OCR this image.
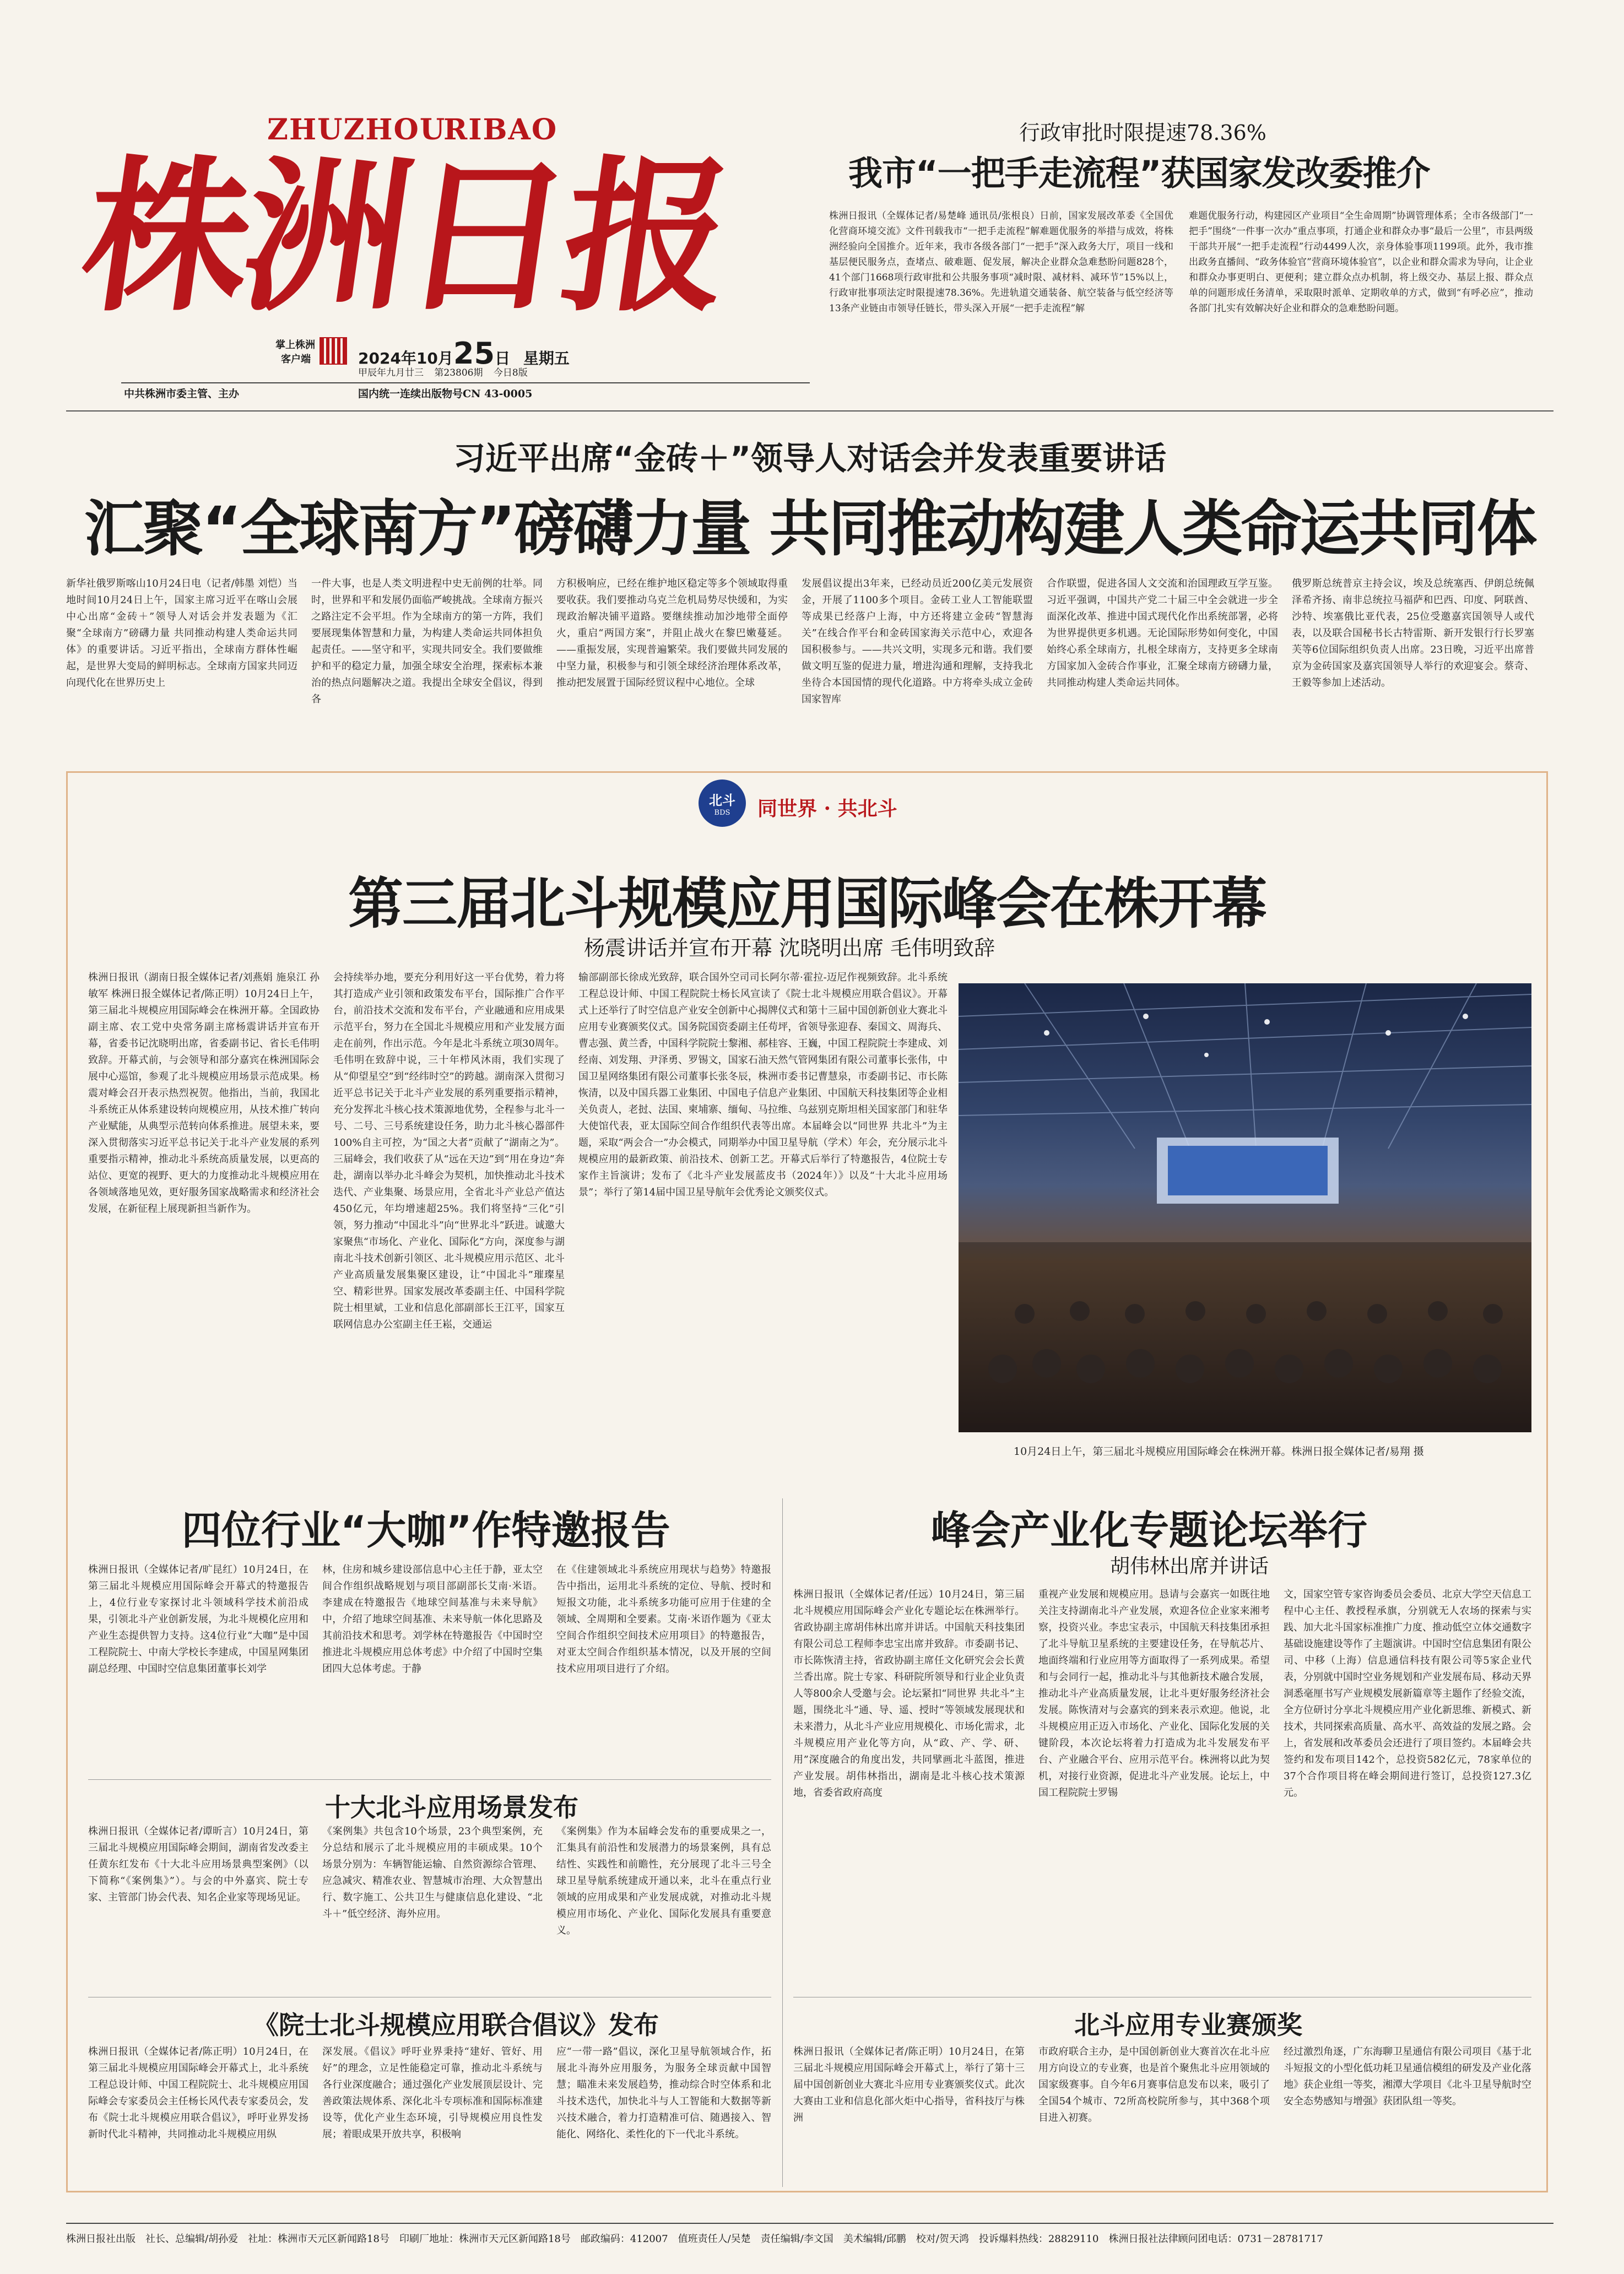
ZHUZHOU
RIBAO
株洲日报
掌上株洲
客户端	2024年10月25日 星期五
甲辰年九月廿三 第23806期 今日8版
中共株洲市委主管、主办	国内统一连续出版物号CN 43-0005
行政审批时限提速78.36%
我市“一把手走流程”获国家发改委推介
株洲日报讯（全媒体记者/易楚峰 通讯员/张根良）日前，国家发展改革委《全国优化营商环境交流》文件刊载我市“一把手走流程”解难题优服务的举措与成效，将株洲经验向全国推介。近年来，我市各级各部门“一把手”深入政务大厅，项目一线和基层便民服务点，查堵点、破难题、促发展，解决企业群众急难愁盼问题828个，41个部门1668项行政审批和公共服务事项“减时限、减材料、减环节”15%以上，行政审批事项法定时限提速78.36%。先进轨道交通装备、航空装备与低空经济等13条产业链由市领导任链长，带头深入开展“一把手走流程”解
难题优服务行动，构建园区产业项目“全生命周期”协调管理体系；全市各级部门“一把手”围绕“一件事一次办”重点事项，打通企业和群众办事“最后一公里”，市县两级干部共开展“一把手走流程”行动4499人次，亲身体验事项1199项。此外，我市推出政务直播间、“政务体验官”营商环境体验官”，以企业和群众需求为导向，让企业和群众办事更明白、更便利；建立群众点办机制，将上级交办、基层上报、群众点单的问题形成任务清单，采取限时派单、定期收单的方式，做到“有呼必应”，推动各部门扎实有效解决好企业和群众的急难愁盼问题。
习近平出席“金砖＋”领导人对话会并发表重要讲话
汇聚“全球南方”磅礴力量 共同推动构建人类命运共同体
新华社俄罗斯喀山10月24日电（记者/韩墨 刘恺）当地时间10月24日上午，国家主席习近平在喀山会展中心出席“金砖＋”领导人对话会并发表题为《汇聚“全球南方”磅礴力量 共同推动构建人类命运共同体》的重要讲话。习近平指出，全球南方群体性崛起，是世界大变局的鲜明标志。全球南方国家共同迈向现代化在世界历史上
一件大事，也是人类文明进程中史无前例的壮举。同时，世界和平和发展仍面临严峻挑战。全球南方振兴之路注定不会平坦。作为全球南方的第一方阵，我们要展现集体智慧和力量，为构建人类命运共同体担负起责任。——坚守和平，实现共同安全。我们要做维护和平的稳定力量，加强全球安全治理，探索标本兼治的热点问题解决之道。我提出全球安全倡议，得到各
方积极响应，已经在维护地区稳定等多个领域取得重要收获。我们要推动乌克兰危机局势尽快缓和，为实现政治解决铺平道路。要继续推动加沙地带全面停火，重启“两国方案”，并阻止战火在黎巴嫩蔓延。——重振发展，实现普遍繁荣。我们要做共同发展的中坚力量，积极参与和引领全球经济治理体系改革，推动把发展置于国际经贸议程中心地位。全球
发展倡议提出3年来，已经动员近200亿美元发展资金，开展了1100多个项目。金砖工业人工智能联盟等成果已经落户上海，中方还将建立金砖“智慧海关”在线合作平台和金砖国家海关示范中心，欢迎各国积极参与。——共兴文明，实现多元和谐。我们要做文明互鉴的促进力量，增进沟通和理解，支持我北坐待合本国国情的现代化道路。中方将牵头成立金砖国家智库
合作联盟，促进各国人文交流和治国理政互学互鉴。习近平强调，中国共产党二十届三中全会就进一步全面深化改革、推进中国式现代化作出系统部署，必将为世界提供更多机遇。无论国际形势如何变化，中国始终心系全球南方，扎根全球南方，支持更多全球南方国家加入金砖合作事业，汇聚全球南方磅礴力量，共同推动构建人类命运共同体。
俄罗斯总统普京主持会议，埃及总统塞西、伊朗总统佩泽希齐扬、南非总统拉马福萨和巴西、印度、阿联酋、沙特、埃塞俄比亚代表，25位受邀嘉宾国领导人或代表，以及联合国秘书长古特雷斯、新开发银行行长罗塞芙等6位国际组织负责人出席。23日晚，习近平出席普京为金砖国家及嘉宾国领导人举行的欢迎宴会。蔡奇、王毅等参加上述活动。
北斗
BDS	同世界 · 共北斗
第三届北斗规模应用国际峰会在株开幕
杨震讲话并宣布开幕 沈晓明出席 毛伟明致辞
株洲日报讯（湖南日报全媒体记者/刘燕娟 施泉江 孙敏军 株洲日报全媒体记者/陈正明）10月24日上午，第三届北斗规模应用国际峰会在株洲开幕。全国政协副主席、农工党中央常务副主席杨震讲话并宣布开幕，省委书记沈晓明出席，省委副书记、省长毛伟明致辞。开幕式前，与会领导和部分嘉宾在株洲国际会展中心巡馆，参观了北斗规模应用场景示范成果。杨震对峰会召开表示热烈祝贺。他指出，当前，我国北斗系统正从体系建设转向规模应用，从技术推广转向产业赋能，从典型示范转向体系推进。展望未来，要深入贯彻落实习近平总书记关于北斗产业发展的系列重要指示精神，推动北斗系统高质量发展，以更高的站位、更宽的视野、更大的力度推动北斗规模应用在各领域落地见效，更好服务国家战略需求和经济社会发展，在新征程上展现新担当新作为。
会持续举办地，要充分利用好这一平台优势，着力将其打造成产业引领和政策发布平台，国际推广合作平台，前沿技术交流和发布平台，产业融通和应用成果示范平台，努力在全国北斗规模应用和产业发展方面走在前列，作出示范。今年是北斗系统立项30周年。毛伟明在致辞中说，三十年栉风沐雨，我们实现了从“仰望星空”到“经纬时空”的跨越。湖南深入贯彻习近平总书记关于北斗产业发展的系列重要指示精神，充分发挥北斗核心技术策源地优势，全程参与北斗一号、二号、三号系统建设任务，助力北斗核心器部件100%自主可控，为“国之大者”贡献了“湖南之为”。三届峰会，我们收获了从“远在天边”到“用在身边”奔赴，湖南以举办北斗峰会为契机，加快推动北斗技术迭代、产业集聚、场景应用，全省北斗产业总产值达450亿元，年均增速超25%。我们将坚持“三化”引领，努力推动“中国北斗”向“世界北斗”跃进。诚邀大家聚焦“市场化、产业化、国际化”方向，深度参与湖南北斗技术创新引领区、北斗规模应用示范区、北斗产业高质量发展集聚区建设，让“中国北斗”璀璨星空、精彩世界。国家发展改革委副主任、中国科学院院士相里斌，工业和信息化部副部长王江平，国家互联网信息办公室副主任王崧，交通运
输部副部长徐成光致辞，联合国外空司司长阿尔蒂·霍拉-迈尼作视频致辞。北斗系统工程总设计师、中国工程院院士杨长风宣读了《院士北斗规模应用联合倡议》。开幕式上还举行了时空信息产业安全创新中心揭牌仪式和第十三届中国创新创业大赛北斗应用专业赛颁奖仪式。国务院国资委副主任苟坪，省领导张迎春、秦国文、周海兵、曹志强、黄兰香，中国科学院院士黎湘、郝桂容、王巍，中国工程院院士李建成、刘经南、刘发翔、尹泽勇、罗锡文，国家石油天然气管网集团有限公司董事长张伟，中国卫星网络集团有限公司董事长张冬辰，株洲市委书记曹慧泉，市委副书记、市长陈恢清，以及中国兵器工业集团、中国电子信息产业集团、中国航天科技集团等企业相关负责人，老挝、法国、柬埔寨、缅甸、马拉维、乌兹别克斯坦相关国家部门和驻华大使馆代表，亚太国际空间合作组织代表等出席。本届峰会以“同世界 共北斗”为主题，采取“两会合一”办会模式，同期举办中国卫星导航（学术）年会，充分展示北斗规模应用的最新政策、前沿技术、创新工艺。开幕式后举行了特邀报告，4位院士专家作主旨演讲；发布了《北斗产业发展蓝皮书（2024年）》以及“十大北斗应用场景”；举行了第14届中国卫星导航年会优秀论文颁奖仪式。
10月24日上午，第三届北斗规模应用国际峰会在株洲开幕。株洲日报全媒体记者/易翔 摄
四位行业“大咖”作特邀报告
株洲日报讯（全媒体记者/旷昆红）10月24日，在第三届北斗规模应用国际峰会开幕式的特邀报告上，4位行业专家探讨北斗领域科学技术前沿成果，引领北斗产业创新发展，为北斗规模化应用和产业生态提供智力支持。这4位行业“大咖”是中国工程院院士、中南大学校长李建成，中国星网集团副总经理、中国时空信息集团董事长刘学
林，住房和城乡建设部信息中心主任于静，亚太空间合作组织战略规划与项目部副部长艾南·米语。李建成在特邀报告《地球空间基准与未来导航》中，介绍了地球空间基准、未来导航一体化思路及其前沿技术和思考。刘学林在特邀报告《中国时空推进北斗规模应用总体考虑》中介绍了中国时空集团四大总体考虑。于静
在《住建领域北斗系统应用现状与趋势》特邀报告中指出，运用北斗系统的定位、导航、授时和短报文功能，北斗系统多功能可应用于住建的全领域、全周期和全要素。艾南·米语作题为《亚太空间合作组织空间技术应用项目》的特邀报告，对亚太空间合作组织基本情况，以及开展的空间技术应用项目进行了介绍。
峰会产业化专题论坛举行
胡伟林出席并讲话
株洲日报讯（全媒体记者/任远）10月24日，第三届北斗规模应用国际峰会产业化专题论坛在株洲举行。省政协副主席胡伟林出席并讲话。中国航天科技集团有限公司总工程师李忠宝出席并致辞。市委副书记、市长陈恢清主持，省政协副主席任文化研究会会长黄兰香出席。院士专家、科研院所领导和行业企业负责人等800余人受邀与会。论坛紧扣“同世界 共北斗”主题，围绕北斗“通、导、遥、授时”等领域发展现状和未来潜力，从北斗产业应用规模化、市场化需求，北斗规模应用产业化等方向，从“政、产、学、研、用”深度融合的角度出发，共同擘画北斗蓝图，推进产业发展。胡伟林指出，湖南是北斗核心技术策源地，省委省政府高度
重视产业发展和规模应用。恳请与会嘉宾一如既往地关注支持湖南北斗产业发展，欢迎各位企业家来湘考察，投资兴业。李忠宝表示，中国航天科技集团承担了北斗导航卫星系统的主要建设任务，在导航芯片、地面终端和行业应用等方面取得了一系列成果。希望和与会同行一起，推动北斗与其他新技术融合发展，推动北斗产业高质量发展，让北斗更好服务经济社会发展。陈恢清对与会嘉宾的到来表示欢迎。他说，北斗规模应用正迈入市场化、产业化、国际化发展的关键阶段，本次论坛将着力打造成为北斗发展发布平台、产业融合平台、应用示范平台。株洲将以此为契机，对接行业资源，促进北斗产业发展。论坛上，中国工程院院士罗锡
文，国家空管专家咨询委员会委员、北京大学空天信息工程中心主任、教授程承旗，分别就无人农场的探索与实践、加大北斗国家标准推广力度、推动低空立体交通数字基础设施建设等作了主题演讲。中国时空信息集团有限公司、中移（上海）信息通信科技有限公司等5家企业代表，分别就中国时空业务规划和产业发展布局、移动天界洞悉毫厘书写产业规模发展新篇章等主题作了经验交流，全方位研讨分享北斗规模应用产业化新思维、新模式、新技术，共同探索高质量、高水平、高效益的发展之路。会上，省发展和改革委员会还进行了项目签约。本届峰会共签约和发布项目142个，总投资582亿元，78家单位的37个合作项目将在峰会期间进行签订，总投资127.3亿元。
十大北斗应用场景发布
株洲日报讯（全媒体记者/谭昕言）10月24日，第三届北斗规模应用国际峰会期间，湖南省发改委主任黄东红发布《十大北斗应用场景典型案例》（以下简称“《案例集》”）。与会的中外嘉宾、院士专家、主管部门协会代表、知名企业家等现场见证。
《案例集》共包含10个场景，23个典型案例，充分总结和展示了北斗规模应用的丰硕成果。10个场景分别为：车辆智能运输、自然资源综合管理、应急减灾、精准农业、智慧城市治理、大众智慧出行、数字施工、公共卫生与健康信息化建设、“北斗＋”低空经济、海外应用。
《案例集》作为本届峰会发布的重要成果之一，汇集具有前沿性和发展潜力的场景案例，具有总结性、实践性和前瞻性，充分展现了北斗三号全球卫星导航系统建成开通以来，北斗在重点行业领域的应用成果和产业发展成就，对推动北斗规模应用市场化、产业化、国际化发展具有重要意义。
《院士北斗规模应用联合倡议》发布
株洲日报讯（全媒体记者/陈正明）10月24日，在第三届北斗规模应用国际峰会开幕式上，北斗系统工程总设计师、中国工程院院士、北斗规模应用国际峰会专家委员会主任杨长风代表专家委员会，发布《院士北斗规模应用联合倡议》，呼吁业界发扬新时代北斗精神，共同推动北斗规模应用纵
深发展。《倡议》呼吁业界秉持“建好、管好、用好”的理念，立足性能稳定可靠，推动北斗系统与各行业深度融合；通过强化产业发展顶层设计、完善政策法规体系、深化北斗专项标准和国际标准建设等，优化产业生态环境，引导规模应用良性发展；着眼成果开放共享，积极响
应“一带一路”倡议，深化卫星导航领域合作，拓展北斗海外应用服务，为服务全球贡献中国智慧；瞄准未来发展趋势，推动综合时空体系和北斗技术迭代，加快北斗与人工智能和大数据等新兴技术融合，着力打造精准可信、随遇接入、智能化、网络化、柔性化的下一代北斗系统。
北斗应用专业赛颁奖
株洲日报讯（全媒体记者/陈正明）10月24日，在第三届北斗规模应用国际峰会开幕式上，举行了第十三届中国创新创业大赛北斗应用专业赛颁奖仪式。此次大赛由工业和信息化部火炬中心指导，省科技厅与株洲
市政府联合主办，是中国创新创业大赛首次在北斗应用方向设立的专业赛，也是首个聚焦北斗应用领域的国家级赛事。自今年6月赛事信息发布以来，吸引了全国54个城市、72所高校院所参与，其中368个项目进入初赛。
经过激烈角逐，广东海聊卫星通信有限公司项目《基于北斗短报文的小型化低功耗卫星通信模组的研发及产业化落地》获企业组一等奖，湘潭大学项目《北斗卫星导航时空安全态势感知与增强》获团队组一等奖。
株洲日报社出版　社长、总编辑/胡孙爱　社址：株洲市天元区新闻路18号　印刷厂地址：株洲市天元区新闻路18号　邮政编码：412007　值班责任人/吴楚　责任编辑/李文国　美术编辑/邱鹏　校对/贺天鸿　投诉爆料热线：28829110　株洲日报社法律顾问团电话：0731－28781717
